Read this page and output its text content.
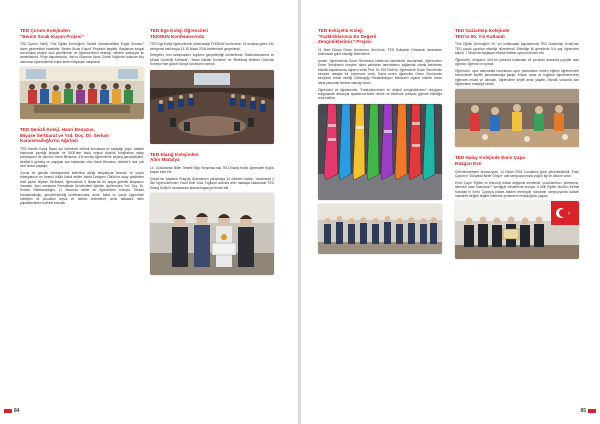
TED Çorum Kolejinden
“Benim Sıcak Kuşım Projesi”

TED Çorum Koleji, Türk Eğitim Derneğinin “Maddi Olanaksızlıklar Engel Olmasın” diyen gelenekten hareketle “Benim Sıcak Kuşım” Projesini başlattı. Başlatılan sosyal sorumluluk projesi okul yönetiminin ve öğretmenlerin desteği, velilerin katkısıyla ile tamamlanda. Proje kapsamında, Van'ın Gürpınar ilçesi Güven köyünde bulunan köy okulunun öğrencilerinin kışlık temel ihtiyaçları karşılandı.

TED Denizli Koleji, Hanri Benazus,
Miyase Sertbarut ve Yrd. Doç. Dr. Serkan
Karaismailoğlu'nu Ağırladı

TED Denizli Koleji Nisan ayı içerisinde önemli konuklara ev sahipliği yaptı. Atatürk hakkında yazdığı kitaplar ve 5000'den fazla orijinal Atatürk fotoğrafına sahip koleksiyonu ile tanınan Hanri Benazus, 4'lü sınıfta öğrencilerle söyleşi gerçekleştirdi. Atatürk'ü görmüş ve yaşayan son kişilerden olan Hanri Benazus, Atatürk'e dair çok özel anılar paylaştı.

Çocuk ve gençlik edebiyatında kalemine aldığı kitaplarıyla tanınan ve çocuk edebiyatının en önemli ödülü kabul edilen Astrid Lindgren Ödülü'ne aday gösterilen ünlü yazar Miyase Sertbarut, öğrencilerle 9 Nisan'da bir araya gelerek kitaplarını imzaladı. Aynı zamanda Pamukkale Üniversitesi öğretim üyelerinden Yrd. Doç. Dr. Serkan Karaismailoğlu, 11 Nisan'da veliler ve öğrencilerle buluştu. Serkan Karaismailoğlu, gerçekleştirdiği konferansında, anne, baba ve çocuk üçgeninde etkileşim ve çocukları teşvik ve ödülün önemlerini, anne babalara neler yapabilecekleri üzerine konuştu.

TED Ege Koleji Öğrencileri
TEKMUN Konferansı'nda

TED Ege Koleji öğrencilerinin düzenlediği TEKMUN Konferansı, 18 okuldan gelen 190 delegenin katılımıyla 13-15 Nisan 2018 tarihlerinde gerçekleşti.

Delegeler, tüm tartışmaların İngilizce gerçekleştiği konferansta “Silahsızlandırma ve Ulusal Güvenlik Komitesi”, “İnsan Hakları Komitesi” ve “Birleşmiş Milletler Güvenlik Konseyi”nde güncel dünya sorunlarını tartıştı.

TED Elazığ Kolejinden
Altın Madalya

14. Uluslararası Bilim Temelli Bilgi Yarışması'nda TED Elazığ Koleji öğrencileri büyük başarı elde etti.

Çekya'nın başkenti Prag'da düzenlenen yarışmaya 10 ülkeden katıldı. Yarışmada 2 lise öğrencilerinden Yusuf Ekin Kola, İngilizce dalında altın madalya kazanarak TED Elazığ Koleji'ni uluslararası alanda başarıyla temsil etti.

84
TED Eskişehir Koleji
“Farklılıklarımız En Değerli
Zenginliklerimiz” Projesi

21 Mart Dünya Down Sendromu Günü'nde, TED Eskişehir Ortaokulu tarafından farkındalık günü etkinliği düzenlendi.

Amacı, öğrencilerde Down Sendromu hakkında farkındalık oluşturmak, öğrencilerin Down Sendromlu bireyleri daha yakından tanımalarını sağlamak olarak belirlenen etkinlik kapsamında öğrenci velisi Prof. Dr. Elif Tekin'in, öğrencilere Down Sendromlu bireyleri anlatan bir konferans verdi. Daha sonra öğrenciler Down Sendromlu bireylerin temel veriliği Gökkuşağı Rehabilitasyon Merkezini ziyaret ederek onları daha yakından tanıma olanağı buldu.

Öğrenciler ve öğretmenler, “Farklılıklarımızın en değerli zenginliklerimiz” olduğunu vurgulamak amacıyla ayaklarına farklı renkte ve desende çoraplar giyerek etkinliğe renk kattılar.

TED Gaziantep Kolejinde
TED'in 90. Yılı Kutlandı

Türk Eğitim Derneğinin 90. yılı kutlamaları kapsamında TED Gaziantep Koleji'nde TED çocuk oyunları etkinliği düzenlendi. Etkinliğe ilk genelinde 5-6 yaş öğrencileri katıldı. 7 Nisan'da başlayan etkinlik haftası oyunca devam etti.

Öğrenciler, dünyanın dört bir yanında kullanılan ve çocuklar arasında popüler olan oyunları öğrendi ve oynadı.

Öğrenciler, spor salonunda hazırlanan oyun parkurlarını beden eğitimi öğretmenleri kontrolünde keyifle tamamlamaya çalıştı. Müzik, dans ve İngilizce öğretmenlerinin eğlenceli müzik ve dansları, öğrencilere keyifli anlar yaşattı. Etkinlik sonunda tüm öğrencilere madalya verildi.

TED Hatay Kolejinde Emin Çapa
Rüzgarı Esti

Gelenekselleşen sempozyum, 14 Nisan 2018 Cumartesi günü gerçekleştirildi. Emin Çapa'nın “Dünyada Neler Oluyor” adlı sempozyumuna yoğun ilgi ve katılım vardı.

Emin Çapa “Eğitim ve teknoloji dikkat değişime kendimizi, çocuklarımızı, şirketimizi, ülkemizi nasıl hazırlarız?” içeriğiyle misafirlerle buluştu. İl Milli Eğitim Müdürü Kemal Karahan'ın Emin Çapa'ya plaket takdim etmesiyle sonlanan sempozyuma katılan misafirler değerli bilgiler edinerek ayrılmanın mutluluğunu yaşadı.

85
